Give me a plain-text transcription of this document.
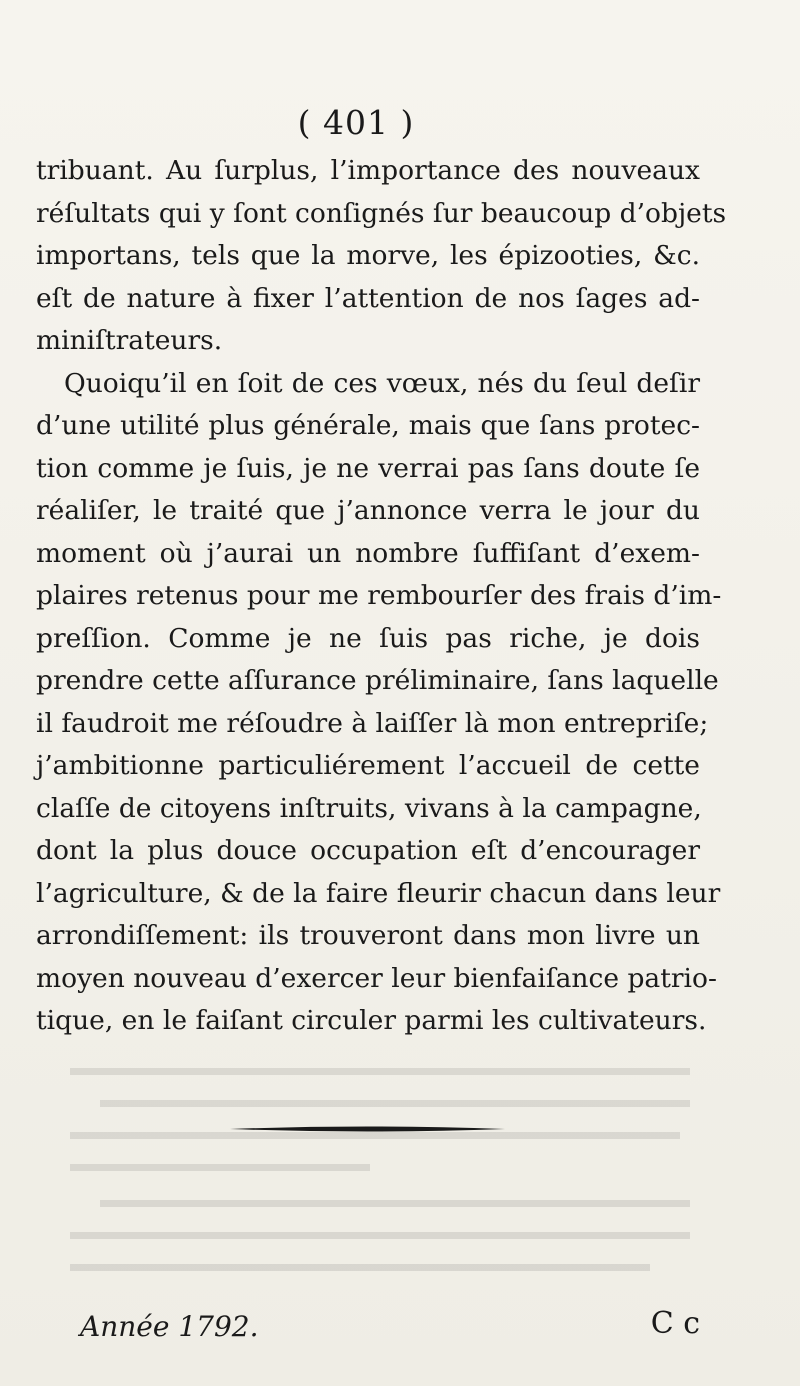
( 401 )
tribuant. Au ſurplus, l’importance des nouveaux
réſultats qui y ſont conſignés ſur beaucoup d’objets
importans, tels que la morve, les épizooties, &c.
eſt de nature à fixer l’attention de nos ſages ad-
miniſtrateurs.
Quoiqu’il en ſoit de ces vœux, nés du ſeul deſir
d’une utilité plus générale, mais que ſans protec-
tion comme je ſuis, je ne verrai pas ſans doute ſe
réaliſer, le traité que j’annonce verra le jour du
moment où j’aurai un nombre ſuffiſant d’exem-
plaires retenus pour me rembourſer des frais d’im-
preſſion. Comme je ne ſuis pas riche, je dois
prendre cette aſſurance préliminaire, ſans laquelle
il faudroit me réſoudre à laiſſer là mon entrepriſe;
j’ambitionne particuliérement l’accueil de cette
claſſe de citoyens inſtruits, vivans à la campagne,
dont la plus douce occupation eſt d’encourager
l’agriculture, & de la faire fleurir chacun dans leur
arrondiſſement: ils trouveront dans mon livre un
moyen nouveau d’exercer leur bienfaiſance patrio-
tique, en le faiſant circuler parmi les cultivateurs.
Année 1792.	C c
